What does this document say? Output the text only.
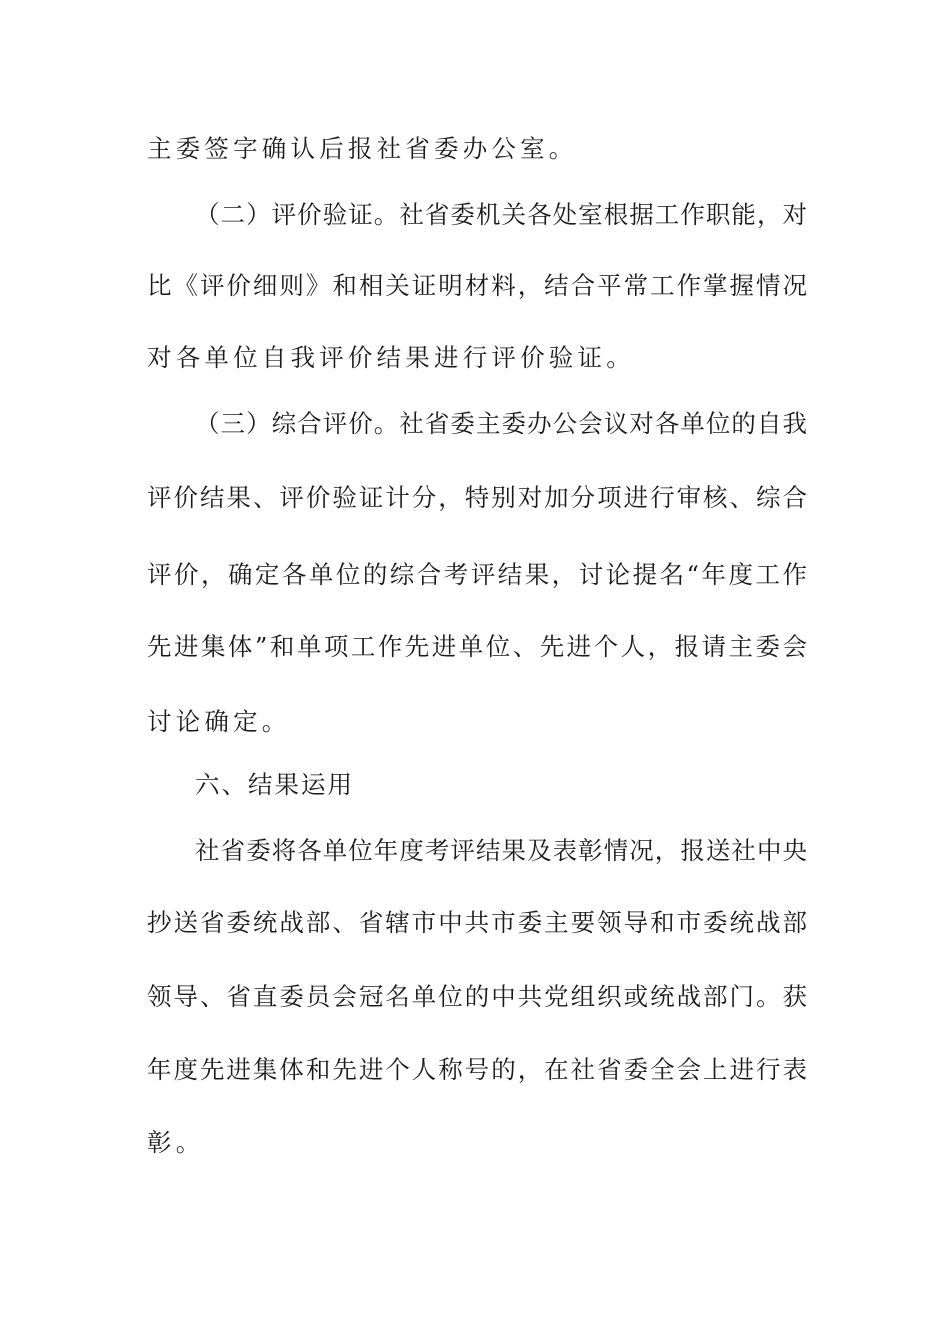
主委签字确认后报社省委办公室。
（二）评价验证。社省委机关各处室根据工作职能，对
比《评价细则》和相关证明材料，结合平常工作掌握情况
对各单位自我评价结果进行评价验证。
（三）综合评价。社省委主委办公会议对各单位的自我
评价结果、评价验证计分，特别对加分项进行审核、综合
评价，确定各单位的综合考评结果，讨论提名“年度工作
先进集体”和单项工作先进单位、先进个人，报请主委会
讨论确定。
六、结果运用
社省委将各单位年度考评结果及表彰情况，报送社中央
抄送省委统战部、省辖市中共市委主要领导和市委统战部
领导、省直委员会冠名单位的中共党组织或统战部门。获
年度先进集体和先进个人称号的，在社省委全会上进行表
彰。
